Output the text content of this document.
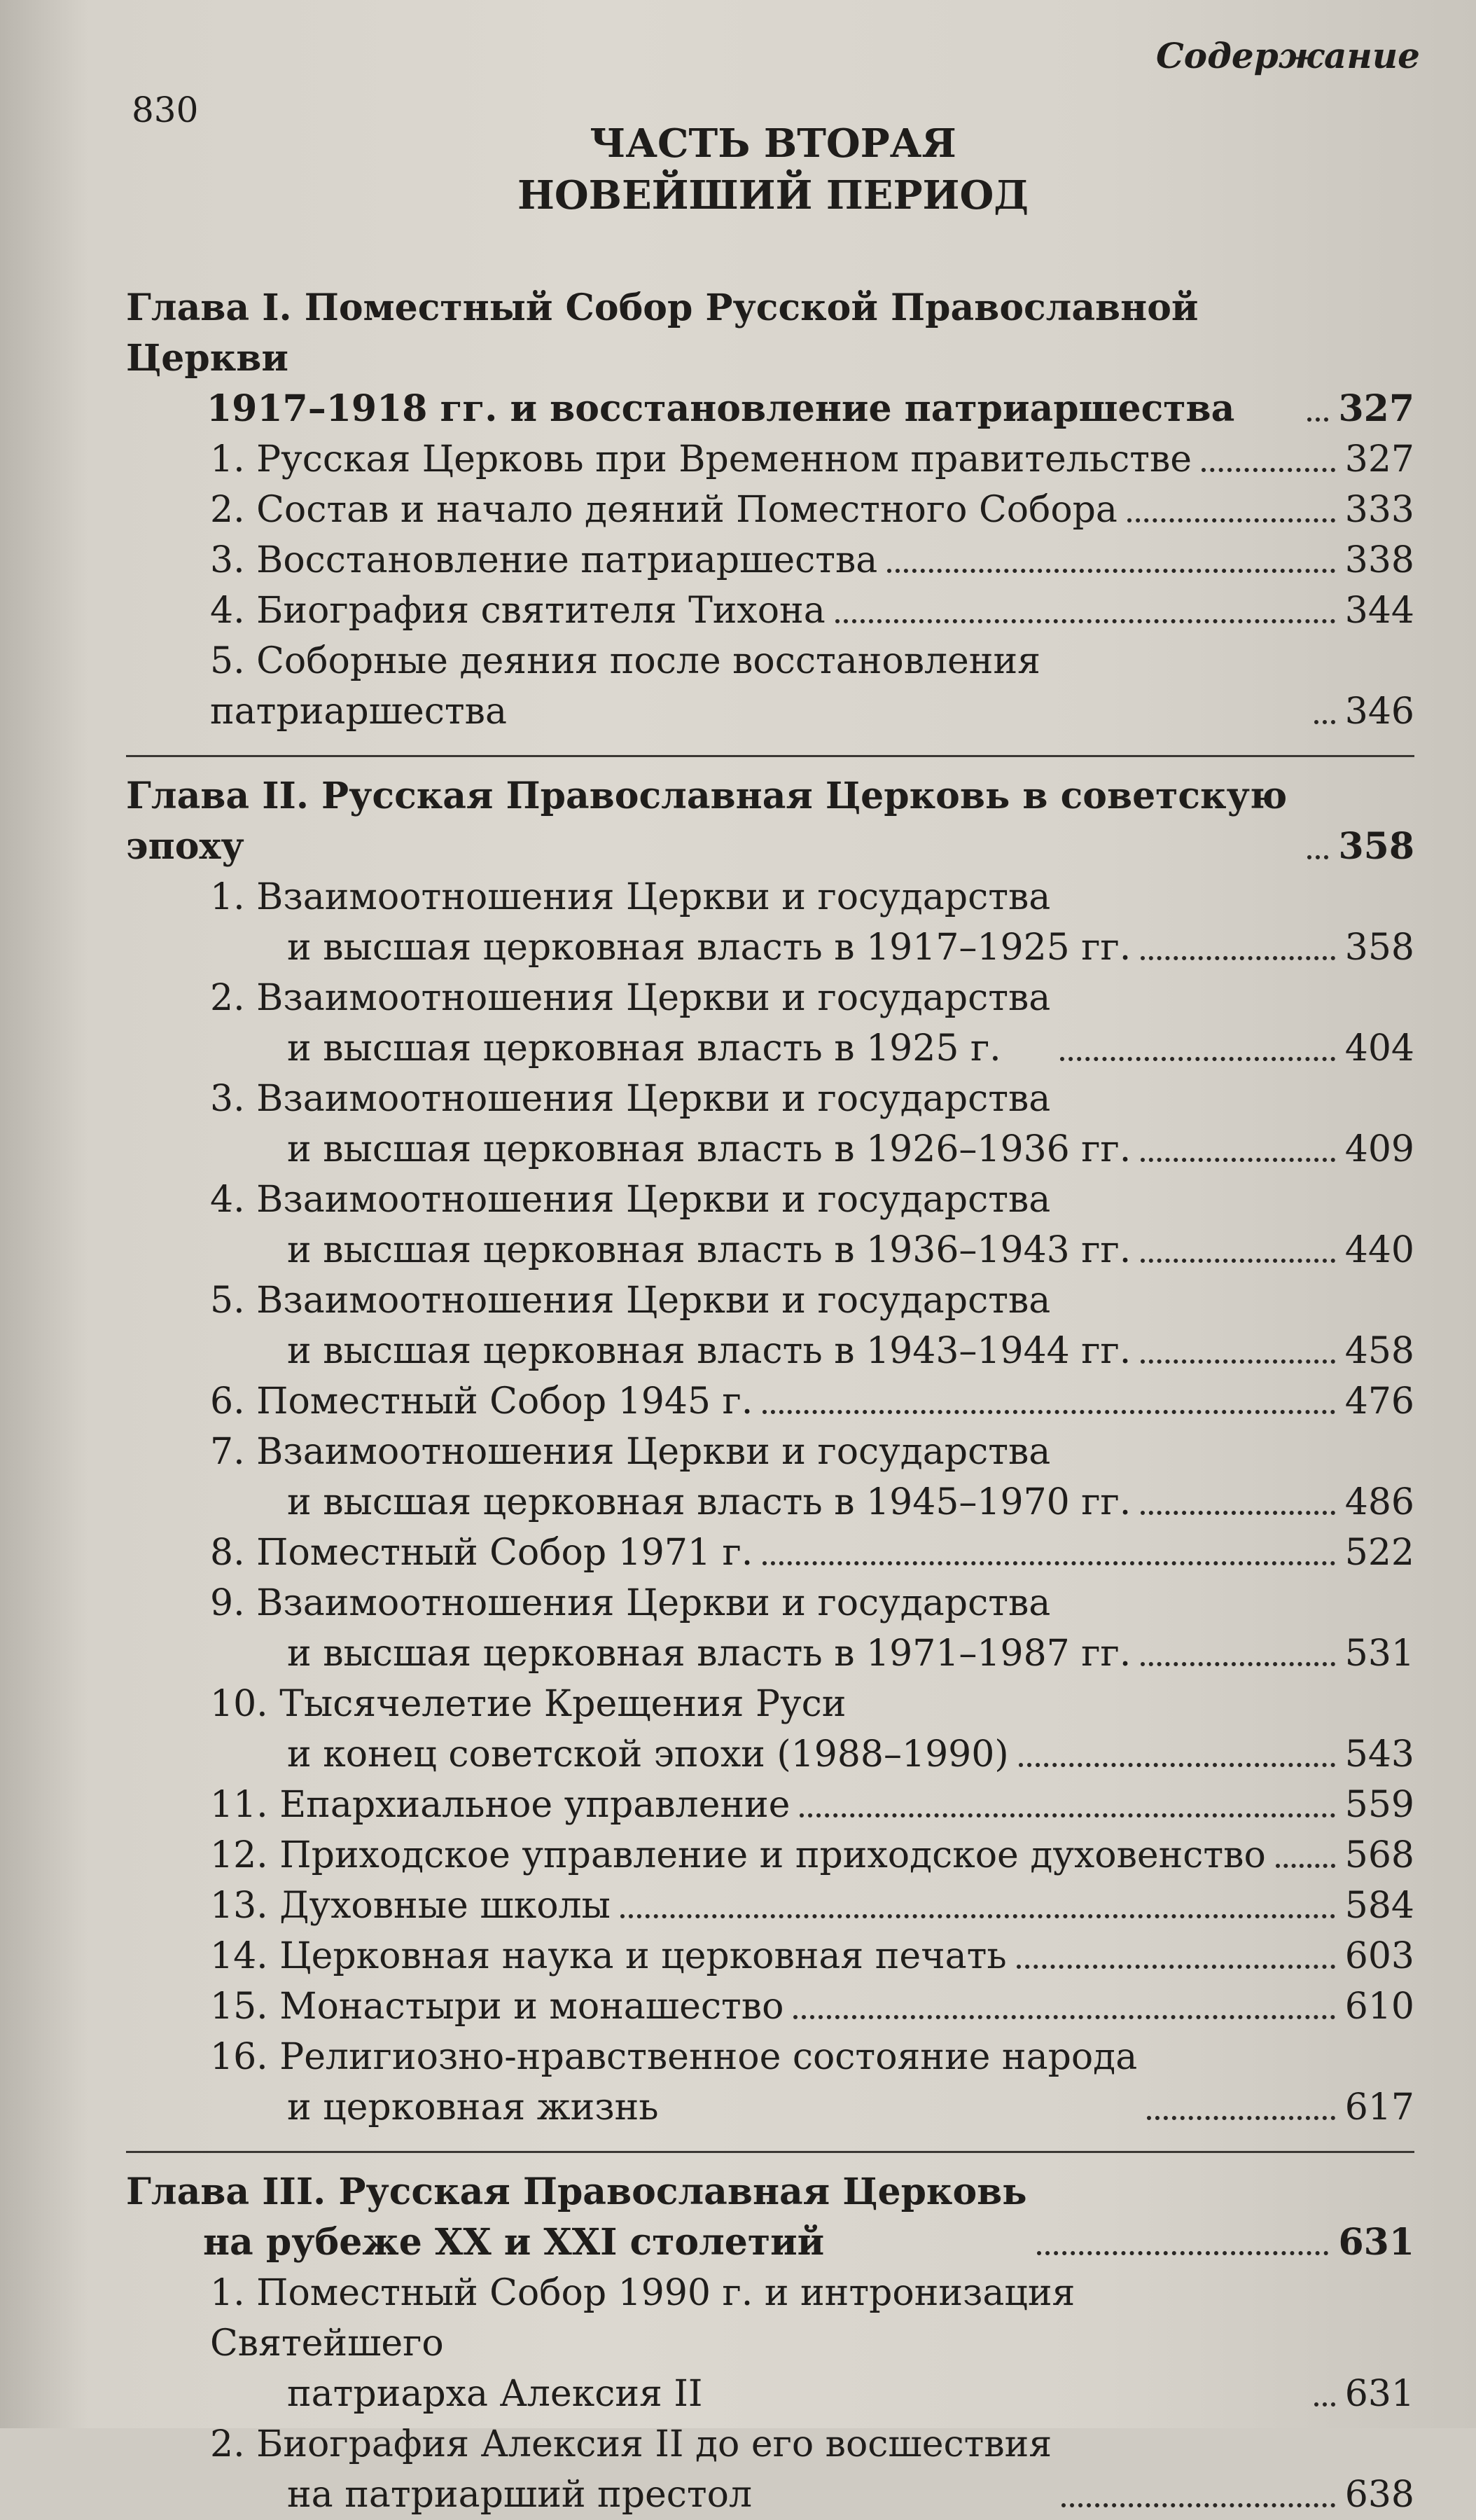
Содержание
830
ЧАСТЬ ВТОРАЯ
НОВЕЙШИЙ ПЕРИОД
Глава I. Поместный Собор Русской Православной Церкви
1917–1918 гг. и восстановление патриаршества	327
1. Русская Церковь при Временном правительстве	327
2. Состав и начало деяний Поместного Собора	333
3. Восстановление патриаршества	338
4. Биография святителя Тихона	344
5. Соборные деяния после восстановления патриаршества	346
Глава II. Русская Православная Церковь в советскую эпоху	358
1. Взаимоотношения Церкви и государства
и высшая церковная власть в 1917–1925 гг.	358
2. Взаимоотношения Церкви и государства
и высшая церковная власть в 1925 г.	404
3. Взаимоотношения Церкви и государства
и высшая церковная власть в 1926–1936 гг.	409
4. Взаимоотношения Церкви и государства
и высшая церковная власть в 1936–1943 гг.	440
5. Взаимоотношения Церкви и государства
и высшая церковная власть в 1943–1944 гг.	458
6. Поместный Собор 1945 г.	476
7. Взаимоотношения Церкви и государства
и высшая церковная власть в 1945–1970 гг.	486
8. Поместный Собор 1971 г.	522
9. Взаимоотношения Церкви и государства
и высшая церковная власть в 1971–1987 гг.	531
10. Тысячелетие Крещения Руси
и конец советской эпохи (1988–1990)	543
11. Епархиальное управление	559
12. Приходское управление и приходское духовенство 568
13. Духовные школы	584
14. Церковная наука и церковная печать	603
15. Монастыри и монашество	610
16. Религиозно-нравственное состояние народа
и церковная жизнь	617
Глава III. Русская Православная Церковь
на рубеже XX и XXI столетий	631
1. Поместный Собор 1990 г. и интронизация Святейшего
патриарха Алексия II	631
2. Биография Алексия II до его восшествия
на патриарший престол	638
